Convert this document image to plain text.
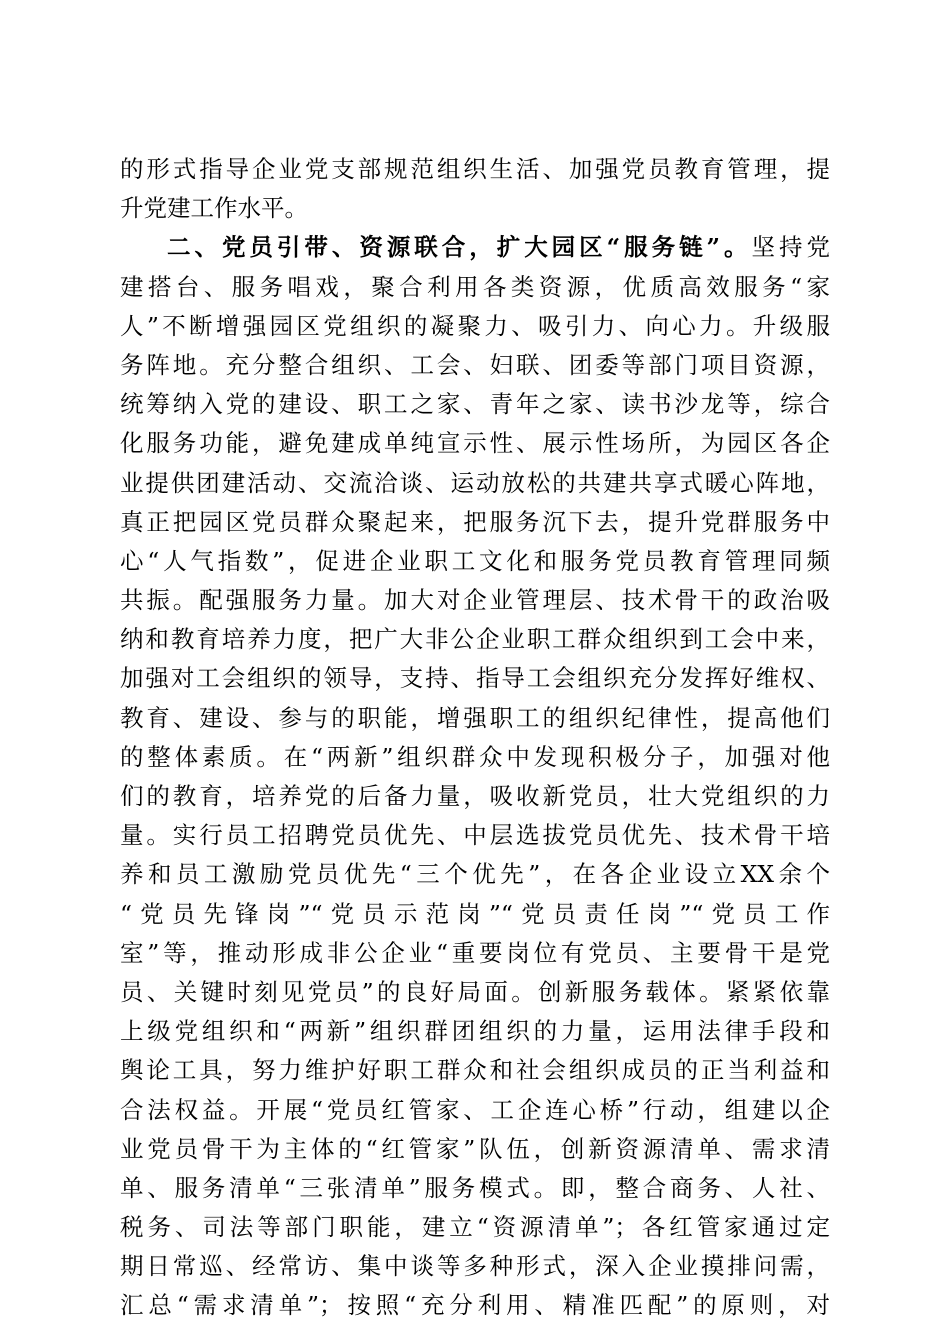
的形式指导企业党支部规范组织生活、加强党员教育管理，提
升党建工作水平。
二、党员引带、资源联合，扩大园区“服务链”。坚持党
建搭台、服务唱戏，聚合利用各类资源，优质高效服务“家
人”不断增强园区党组织的凝聚力、吸引力、向心力。升级服
务阵地。充分整合组织、工会、妇联、团委等部门项目资源，
统筹纳入党的建设、职工之家、青年之家、读书沙龙等，综合
化服务功能，避免建成单纯宣示性、展示性场所，为园区各企
业提供团建活动、交流洽谈、运动放松的共建共享式暖心阵地，
真正把园区党员群众聚起来，把服务沉下去，提升党群服务中
心“人气指数”，促进企业职工文化和服务党员教育管理同频
共振。配强服务力量。加大对企业管理层、技术骨干的政治吸
纳和教育培养力度，把广大非公企业职工群众组织到工会中来，
加强对工会组织的领导，支持、指导工会组织充分发挥好维权、
教育、建设、参与的职能，增强职工的组织纪律性，提高他们
的整体素质。在“两新”组织群众中发现积极分子，加强对他
们的教育，培养党的后备力量，吸收新党员，壮大党组织的力
量。实行员工招聘党员优先、中层选拔党员优先、技术骨干培
养和员工激励党员优先“三个优先”，在各企业设立XX余个
“党员先锋岗”“党员示范岗”“党员责任岗”“党员工作
室”等，推动形成非公企业“重要岗位有党员、主要骨干是党
员、关键时刻见党员”的良好局面。创新服务载体。紧紧依靠
上级党组织和“两新”组织群团组织的力量，运用法律手段和
舆论工具，努力维护好职工群众和社会组织成员的正当利益和
合法权益。开展“党员红管家、工企连心桥”行动，组建以企
业党员骨干为主体的“红管家”队伍，创新资源清单、需求清
单、服务清单“三张清单”服务模式。即，整合商务、人社、
税务、司法等部门职能，建立“资源清单”；各红管家通过定
期日常巡、经常访、集中谈等多种形式，深入企业摸排问需，
汇总“需求清单”；按照“充分利用、精准匹配”的原则，对
